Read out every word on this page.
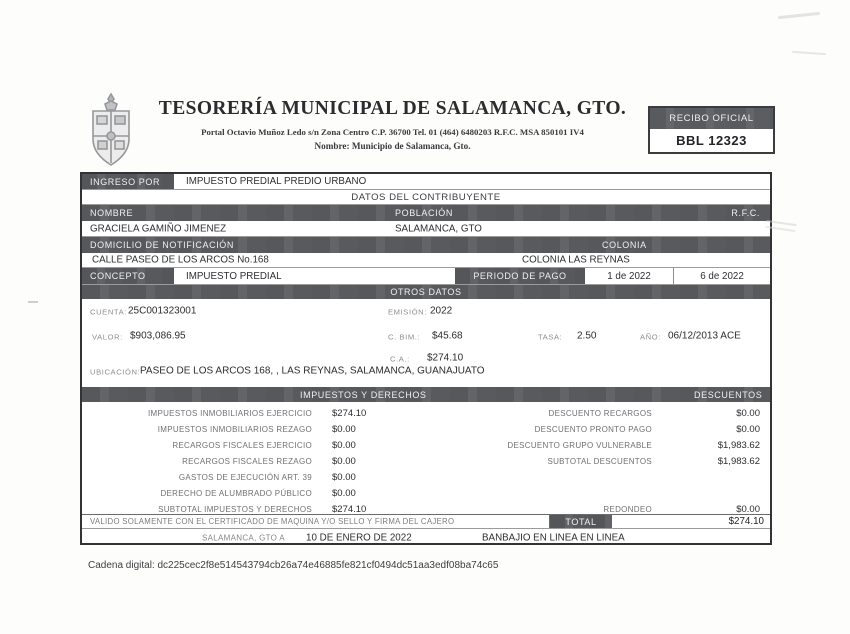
TESORERÍA MUNICIPAL DE SALAMANCA, GTO.
Portal Octavio Muñoz Ledo s/n Zona Centro C.P. 36700 Tel. 01 (464) 6480203 R.F.C. MSA 850101 IV4
Nombre: Municipio de Salamanca, Gto.
RECIBO OFICIAL
BBL 12323
INGRESO POR	IMPUESTO PREDIAL PREDIO URBANO
DATOS DEL CONTRIBUYENTE
NOMBRE	POBLACIÓN	R.F.C.
GRACIELA GAMIÑO JIMENEZ	SALAMANCA, GTO
DOMICILIO DE NOTIFICACIÓN	COLONIA
CALLE PASEO DE LOS ARCOS No.168	COLONIA LAS REYNAS
CONCEPTO	IMPUESTO PREDIAL	PERIODO DE PAGO	1 de 2022	6 de 2022
OTROS DATOS
CUENTA: 25C001323001	EMISIÓN: 2022
VALOR: $903,086.95	C. BIM.: $45.68	TASA: 2.50	AÑO: 06/12/2013 ACE
C.A.: $274.10
UBICACIÓN: PASEO DE LOS ARCOS 168, , LAS REYNAS, SALAMANCA, GUANAJUATO
IMPUESTOS Y DERECHOS	DESCUENTOS
IMPUESTOS INMOBILIARIOS EJERCICIO	$274.10	DESCUENTO RECARGOS	$0.00
IMPUESTOS INMOBILIARIOS REZAGO	$0.00	DESCUENTO PRONTO PAGO	$0.00
RECARGOS FISCALES EJERCICIO	$0.00	DESCUENTO GRUPO VULNERABLE	$1,983.62
RECARGOS FISCALES REZAGO	$0.00	SUBTOTAL DESCUENTOS	$1,983.62
GASTOS DE EJECUCIÓN ART. 39	$0.00
DERECHO DE ALUMBRADO PÚBLICO	$0.00
SUBTOTAL IMPUESTOS Y DERECHOS	$274.10	REDONDEO	$0.00
VALIDO SOLAMENTE CON EL CERTIFICADO DE MAQUINA Y/O SELLO Y FIRMA DEL CAJERO	TOTAL	$274.10
SALAMANCA, GTO A 10 DE ENERO DE 2022	BANBAJIO EN LINEA EN LINEA
Cadena digital: dc225cec2f8e514543794cb26a74e46885fe821cf0494dc51aa3edf08ba74c65
